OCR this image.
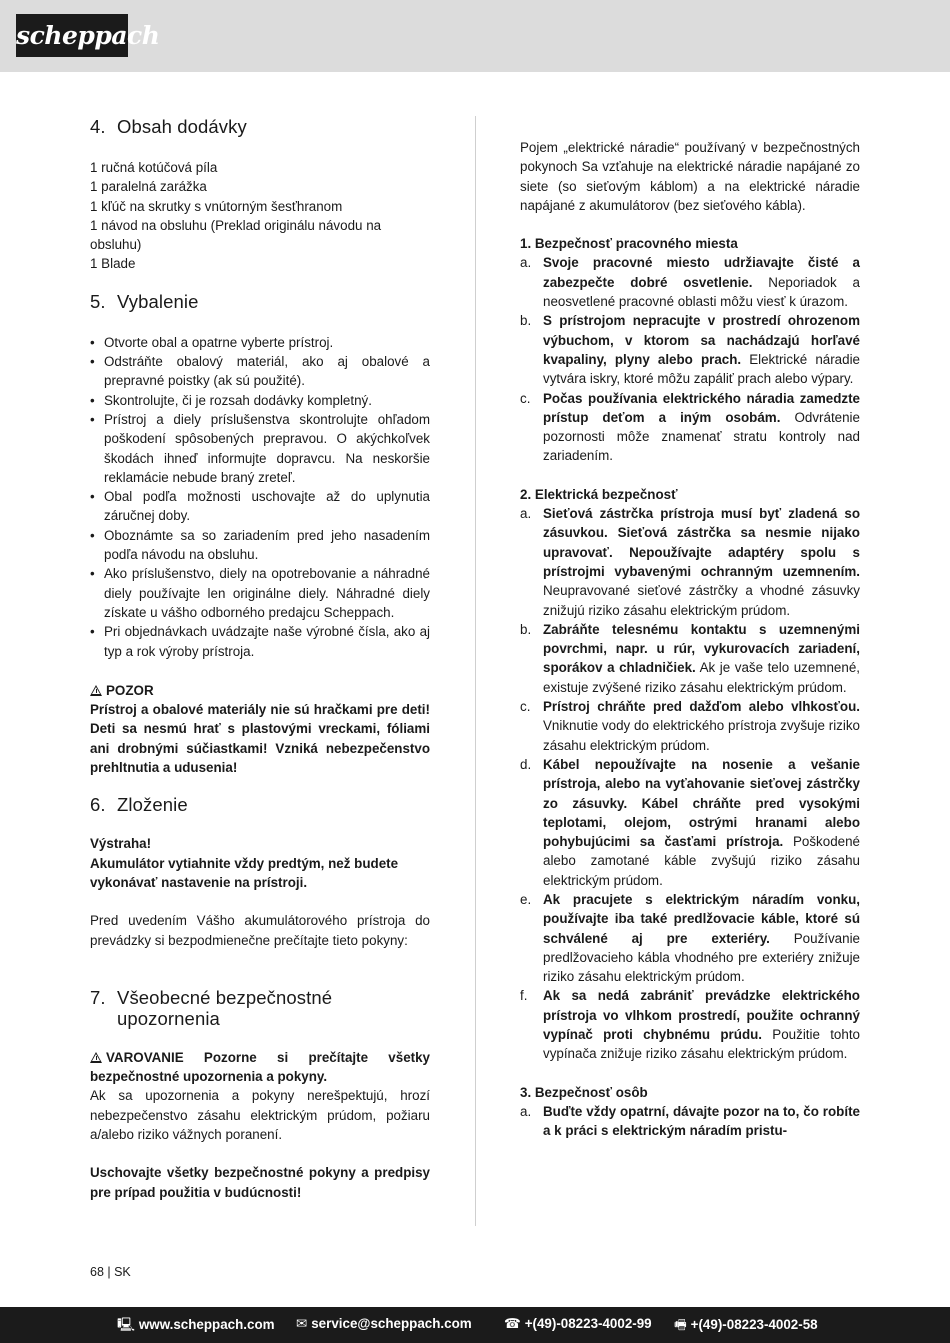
scheppach
4. Obsah dodávky

1 ručná kotúčová píla

1 paralelná zarážka

1 kľúč na skrutky s vnútorným šesťhranom

1 návod na obsluhu (Preklad originálu návodu na obsluhu)

1 Blade

5. Vybalenie
• Otvorte obal a opatrne vyberte prístroj.
• Odstráňte obalový materiál, ako aj obalové a prepravné poistky (ak sú použité).
• Skontrolujte, či je rozsah dodávky kompletný.
• Prístroj a diely príslušenstva skontrolujte ohľadom poškodení spôsobených prepravou. O akýchkoľvek škodách ihneď informujte dopravcu. Na neskoršie reklamácie nebude braný zreteľ.
• Obal podľa možnosti uschovajte až do uplynutia záručnej doby.
• Oboznámte sa so zariadením pred jeho nasadením podľa návodu na obsluhu.
• Ako príslušenstvo, diely na opotrebovanie a náhradné diely používajte len originálne diely. Náhradné diely získate u vášho odborného predajcu Scheppach.
• Pri objednávkach uvádzajte naše výrobné čísla, ako aj typ a rok výroby prístroja.

POZOR

Prístroj a obalové materiály nie sú hračkami pre deti! Deti sa nesmú hrať s plastovými vreckami, fóliami ani drobnými súčiastkami! Vzniká nebezpečenstvo prehltnutia a udusenia!

6. Zloženie

Výstraha!

Akumulátor vytiahnite vždy predtým, než budete vykonávať nastavenie na prístroji.

Pred uvedením Vášho akumulátorového prístroja do prevádzky si bezpodmienečne prečítajte tieto pokyny:

7. Všeobecné bezpečnostné
upozornenia

VAROVANIE Pozorne si prečítajte všetky bezpečnostné upozornenia a pokyny.

Ak sa upozornenia a pokyny nerešpektujú, hrozí nebezpečenstvo zásahu elektrickým prúdom, požiaru a/alebo riziko vážnych poranení.

Uschovajte všetky bezpečnostné pokyny a predpisy pre prípad použitia v budúcnosti!

Pojem „elektrické náradie“ používaný v bezpečnostných pokynoch Sa vzťahuje na elektrické náradie napájané zo siete (so sieťovým káblom) a na elektrické náradie napájané z akumulátorov (bez sieťového kábla).

1. Bezpečnosť pracovného miesta

a. Svoje pracovné miesto udržiavajte čisté a zabezpečte dobré osvetlenie. Neporiadok a neosvetlené pracovné oblasti môžu viesť k úrazom.
b. S prístrojom nepracujte v prostredí ohrozenom výbuchom, v ktorom sa nachádzajú horľavé kvapaliny, plyny alebo prach. Elektrické náradie vytvára iskry, ktoré môžu zapáliť prach alebo výpary.
c. Počas používania elektrického náradia zamedzte prístup deťom a iným osobám. Odvrátenie pozornosti môže znamenať stratu kontroly nad zariadením.

2. Elektrická bezpečnosť

a. Sieťová zástrčka prístroja musí byť zladená so zásuvkou. Sieťová zástrčka sa nesmie nijako upravovať. Nepoužívajte adaptéry spolu s prístrojmi vybavenými ochranným uzemnením. Neupravované sieťové zástrčky a vhodné zásuvky znižujú riziko zásahu elektrickým prúdom.
b. Zabráňte telesnému kontaktu s uzemnenými povrchmi, napr. u rúr, vykurovacích zariadení, sporákov a chladničiek. Ak je vaše telo uzemnené, existuje zvýšené riziko zásahu elektrickým prúdom.
c. Prístroj chráňte pred dažďom alebo vlhkosťou. Vniknutie vody do elektrického prístroja zvyšuje riziko zásahu elektrickým prúdom.
d. Kábel nepoužívajte na nosenie a vešanie prístroja, alebo na vyťahovanie sieťovej zástrčky zo zásuvky. Kábel chráňte pred vysokými teplotami, olejom, ostrými hranami alebo pohybujúcimi sa časťami prístroja. Poškodené alebo zamotané káble zvyšujú riziko zásahu elektrickým prúdom.
e. Ak pracujete s elektrickým náradím vonku, používajte iba také predlžovacie káble, ktoré sú schválené aj pre exteriéry. Používanie predlžovacieho kábla vhodného pre exteriéry znižuje riziko zásahu elektrickým prúdom.
f. Ak sa nedá zabrániť prevádzke elektrického prístroja vo vlhkom prostredí, použite ochranný vypínač proti chybnému prúdu. Použitie tohto vypínača znižuje riziko zásahu elektrickým prúdom.

3. Bezpečnosť osôb

a. Buďte vždy opatrní, dávajte pozor na to, čo robíte a k práci s elektrickým náradím pristu-
68 | SK
🖳 www.scheppach.com ✉ service@scheppach.com ☎ +(49)-08223-4002-99 🖷 +(49)-08223-4002-58
